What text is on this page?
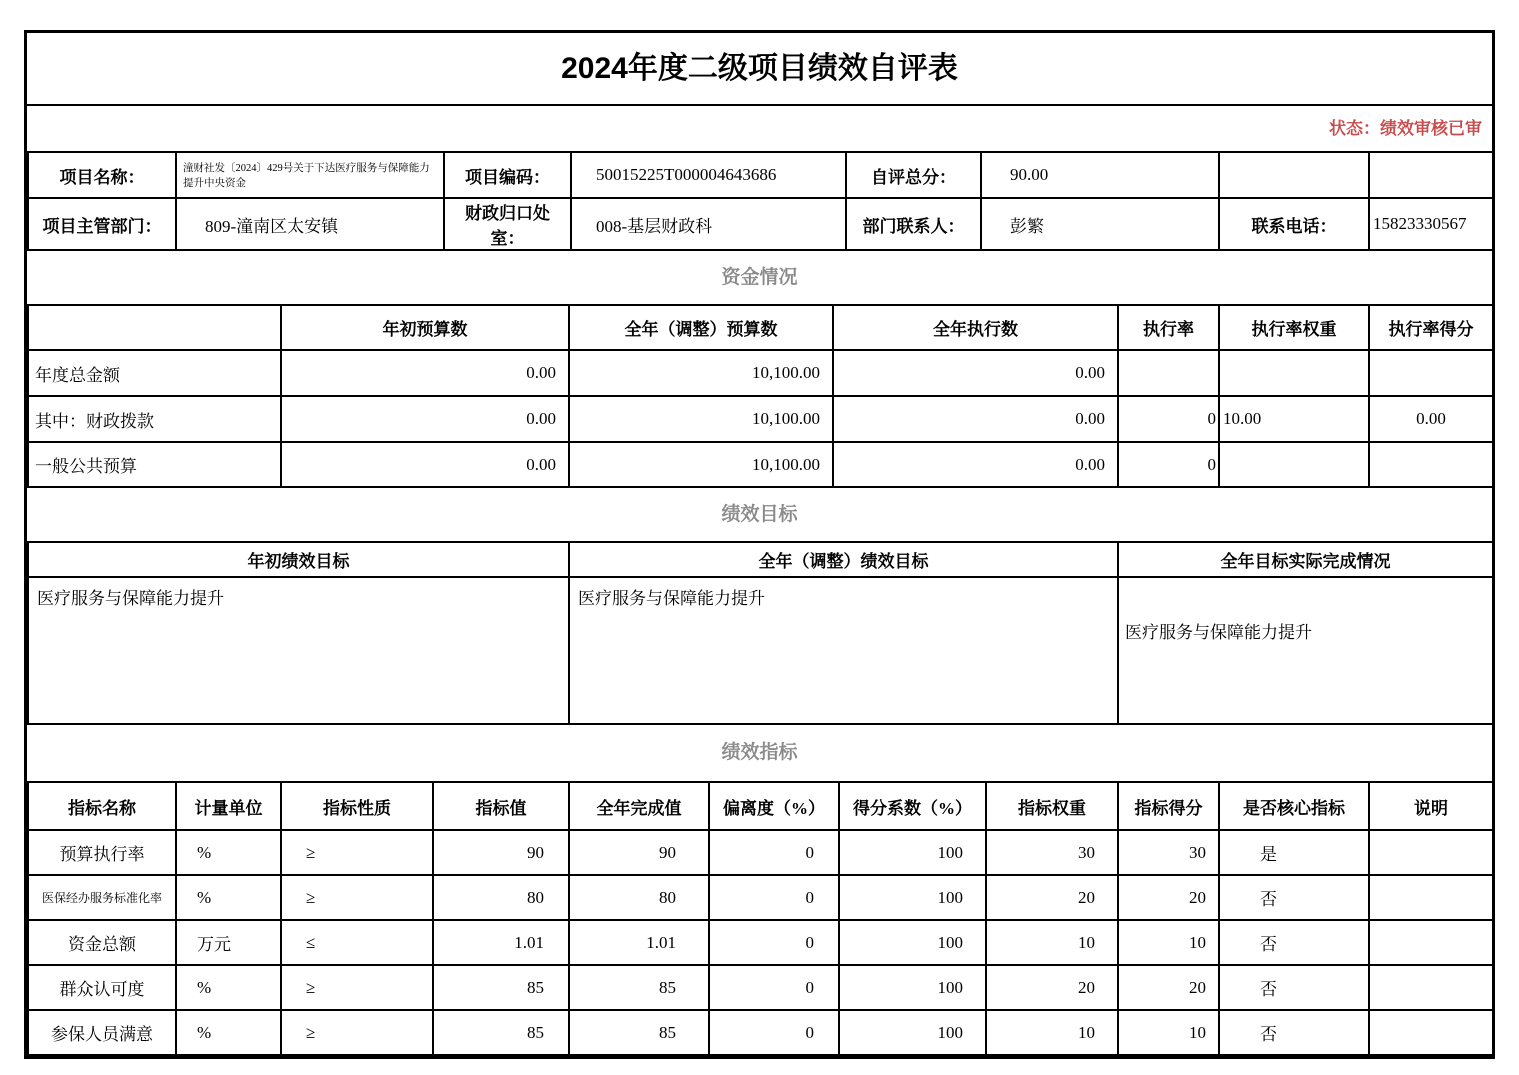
2024年度二级项目绩效自评表
状态：绩效审核已审
项目名称：	潼财社发〔2024〕429号关于下达医疗服务与保障能力提升中央资金	项目编码：	50015225T000004643686	自评总分：	90.00		
项目主管部门：	809-潼南区太安镇	财政归口处室：	008-基层财政科	部门联系人：	彭繁	联系电话：	15823330567
资金情况
	年初预算数	全年（调整）预算数	全年执行数	执行率	执行率权重	执行率得分
年度总金额	0.00	10,100.00	0.00			
其中：财政拨款	0.00	10,100.00	0.00	0	10.00	0.00
一般公共预算	0.00	10,100.00	0.00	0		
绩效目标
年初绩效目标	全年（调整）绩效目标	全年目标实际完成情况
医疗服务与保障能力提升	医疗服务与保障能力提升	医疗服务与保障能力提升
绩效指标
指标名称	计量单位	指标性质	指标值	全年完成值	偏离度（%）	得分系数（%）	指标权重	指标得分	是否核心指标	说明
预算执行率	%	≥	90	90	0	100	30	30	是	
医保经办服务标准化率	%	≥	80	80	0	100	20	20	否	
资金总额	万元	≤	1.01	1.01	0	100	10	10	否	
群众认可度	%	≥	85	85	0	100	20	20	否	
参保人员满意	%	≥	85	85	0	100	10	10	否	
